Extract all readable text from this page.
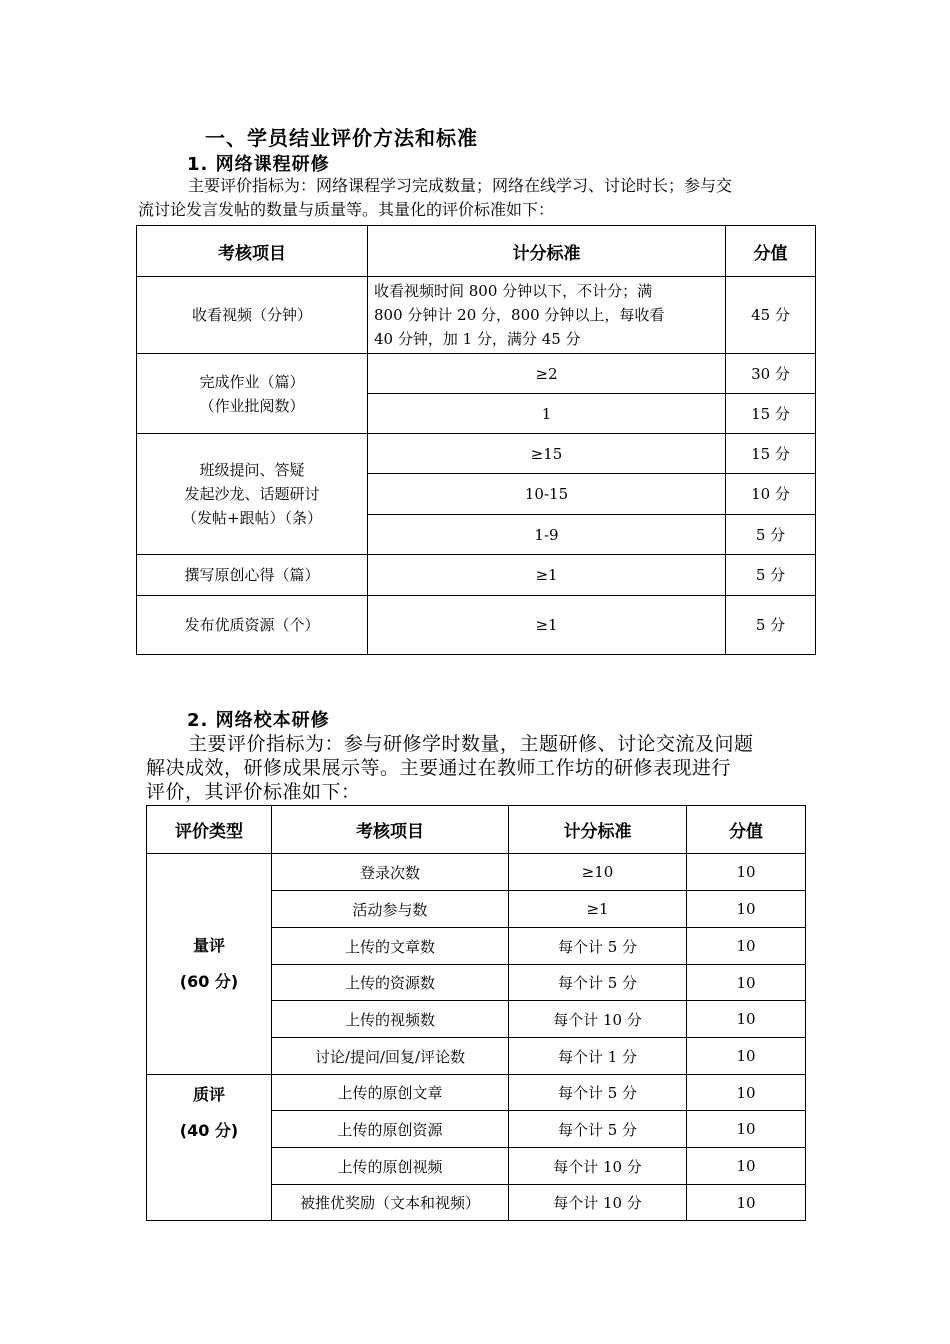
一、学员结业评价方法和标准
1. 网络课程研修
主要评价指标为：网络课程学习完成数量；网络在线学习、讨论时长；参与交
流讨论发言发帖的数量与质量等。其量化的评价标准如下：
考核项目	计分标准	分值
收看视频（分钟）	收看视频时间 800 分钟以下，不计分；满
800 分钟计 20 分，800 分钟以上，每收看
40 分钟，加 1 分，满分 45 分	45 分

完成作业（篇）
（作业批阅数）	≥2	30 分
	1	15 分

班级提问、答疑
发起沙龙、话题研讨
（发帖+跟帖）（条）	≥15	15 分
	10-15	10 分
	1-9	5 分
撰写原创心得（篇）	≥1	5 分
发布优质资源（个）	≥1	5 分
2. 网络校本研修
主要评价指标为：参与研修学时数量，主题研修、讨论交流及问题
解决成效，研修成果展示等。主要通过在教师工作坊的研修表现进行
评价，其评价标准如下：
评价类型	考核项目	计分标准	分值

量评
(60 分)	登录次数	≥10	10
	活动参与数	≥1	10
	上传的文章数	每个计 5 分	10
	上传的资源数	每个计 5 分	10
	上传的视频数	每个计 10 分	10
	讨论/提问/回复/评论数	每个计 1 分	10

质评
(40 分)	上传的原创文章	每个计 5 分	10
	上传的原创资源	每个计 5 分	10
	上传的原创视频	每个计 10 分	10
	被推优奖励（文本和视频）	每个计 10 分	10
